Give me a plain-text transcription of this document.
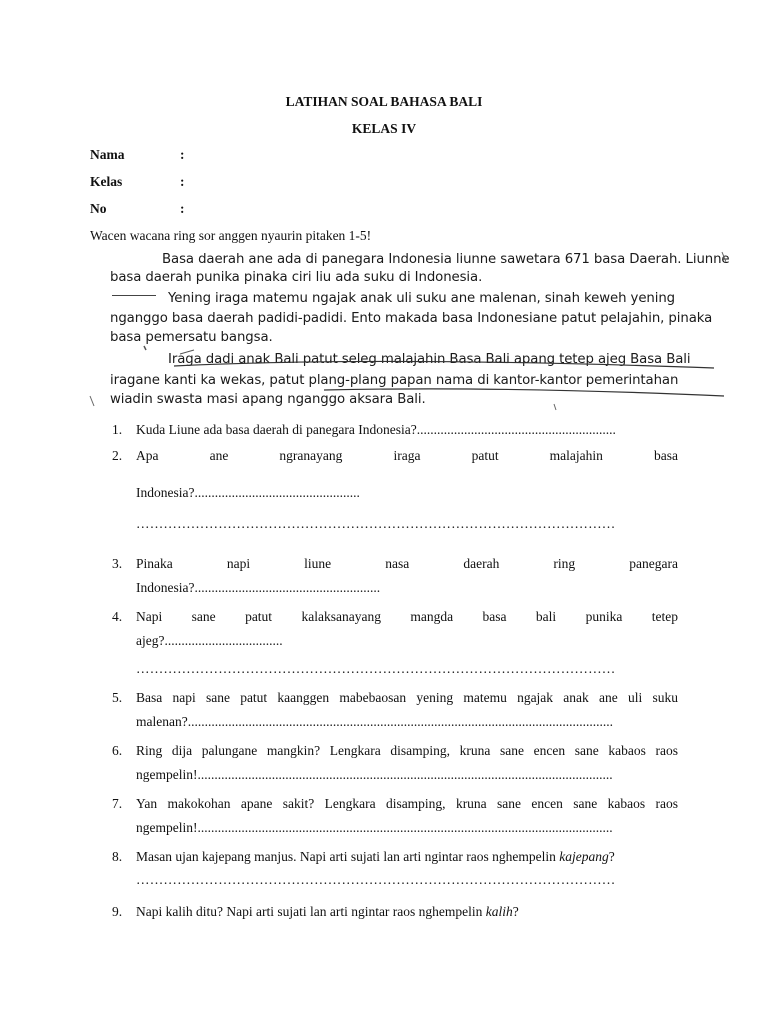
LATIHAN SOAL BAHASA BALI
KELAS IV
Nama	:
Kelas	:
No	:
Wacen wacana ring sor anggen nyaurin pitaken 1-5!
Basa daerah ane ada di panegara Indonesia liunne sawetara 671 basa Daerah. Liunne
basa daerah punika pinaka ciri liu ada suku di Indonesia.
Yening iraga matemu ngajak anak uli suku ane malenan, sinah keweh yening
nganggo basa daerah padidi-padidi. Ento makada basa Indonesiane patut pelajahin, pinaka
basa pemersatu bangsa.
Iraga dadi anak Bali patut seleg malajahin Basa Bali apang tetep ajeg Basa Bali
iragane kanti ka wekas, patut plang-plang papan nama di kantor-kantor pemerintahan
wiadin swasta masi apang nganggo aksara Bali.
1. Kuda Liune ada basa daerah di panegara Indonesia?...........................................................
2. Apa ane ngranayang iraga patut malajahin basa
Indonesia?.................................................
……………………………………………………………………………………………
3. Pinaka napi liune nasa daerah ring panegara
Indonesia?.......................................................
4. Napi sane patut kalaksanayang mangda basa bali punika tetep
ajeg?...................................
……………………………………………………………………………………………
5. Basa napi sane patut kaanggen mabebaosan yening matemu ngajak anak ane uli suku
malenan?..............................................................................................................................
6. Ring dija palungane mangkin? Lengkara disamping, kruna sane encen sane kabaos raos
ngempelin!...........................................................................................................................
7. Yan makokohan apane sakit? Lengkara disamping, kruna sane encen sane kabaos raos
ngempelin!...........................................................................................................................
8. Masan ujan kajepang manjus. Napi arti sujati lan arti ngintar raos nghempelin kajepang?
……………………………………………………………………………………………
9. Napi kalih ditu? Napi arti sujati lan arti ngintar raos nghempelin kalih?
